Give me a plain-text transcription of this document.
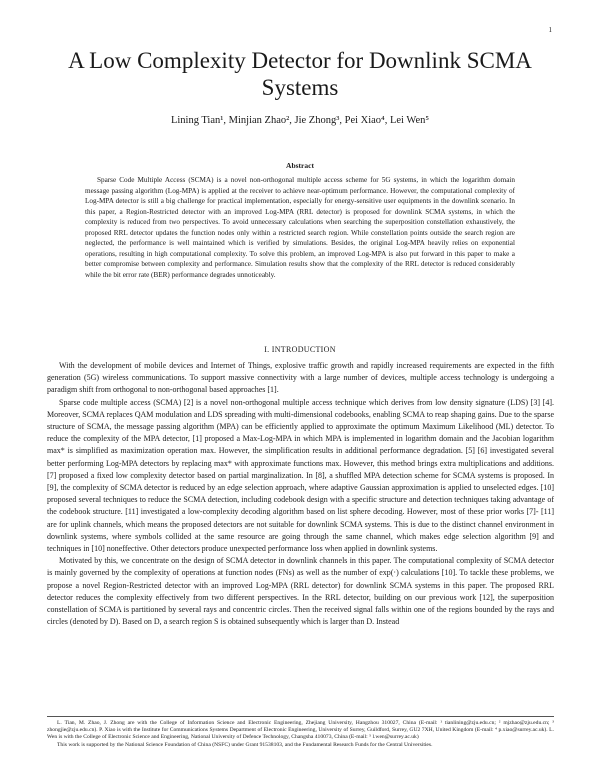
1
A Low Complexity Detector for Downlink SCMA Systems
Lining Tian¹, Minjian Zhao², Jie Zhong³, Pei Xiao⁴, Lei Wen⁵
Abstract

Sparse Code Multiple Access (SCMA) is a novel non-orthogonal multiple access scheme for 5G systems, in which the logarithm domain message passing algorithm (Log-MPA) is applied at the receiver to achieve near-optimum performance. However, the computational complexity of Log-MPA detector is still a big challenge for practical implementation, especially for energy-sensitive user equipments in the downlink scenario. In this paper, a Region-Restricted detector with an improved Log-MPA (RRL detector) is proposed for downlink SCMA systems, in which the complexity is reduced from two perspectives. To avoid unnecessary calculations when searching the superposition constellation exhaustively, the proposed RRL detector updates the function nodes only within a restricted search region. While constellation points outside the search region are neglected, the performance is well maintained which is verified by simulations. Besides, the original Log-MPA heavily relies on exponential operations, resulting in high computational complexity. To solve this problem, an improved Log-MPA is also put forward in this paper to make a better compromise between complexity and performance. Simulation results show that the complexity of the RRL detector is reduced considerably while the bit error rate (BER) performance degrades unnoticeably.

I. INTRODUCTION

With the development of mobile devices and Internet of Things, explosive traffic growth and rapidly increased requirements are expected in the fifth generation (5G) wireless communications. To support massive connectivity with a large number of devices, multiple access technology is undergoing a paradigm shift from orthogonal to non-orthogonal based approaches [1].

Sparse code multiple access (SCMA) [2] is a novel non-orthogonal multiple access technique which derives from low density signature (LDS) [3] [4]. Moreover, SCMA replaces QAM modulation and LDS spreading with multi-dimensional codebooks, enabling SCMA to reap shaping gains. Due to the sparse structure of SCMA, the message passing algorithm (MPA) can be efficiently applied to approximate the optimum Maximum Likelihood (ML) detector. To reduce the complexity of the MPA detector, [1] proposed a Max-Log-MPA in which MPA is implemented in logarithm domain and the Jacobian logarithm max* is simplified as maximization operation max. However, the simplification results in additional performance degradation. [5] [6] investigated several better performing Log-MPA detectors by replacing max* with approximate functions max. However, this method brings extra multiplications and additions. [7] proposed a fixed low complexity detector based on partial marginalization. In [8], a shuffled MPA detection scheme for SCMA systems is proposed. In [9], the complexity of SCMA detector is reduced by an edge selection approach, where adaptive Gaussian approximation is applied to unselected edges. [10] proposed several techniques to reduce the SCMA detection, including codebook design with a specific structure and detection techniques taking advantage of the codebook structure. [11] investigated a low-complexity decoding algorithm based on list sphere decoding. However, most of these prior works [7]- [11] are for uplink channels, which means the proposed detectors are not suitable for downlink SCMA systems. This is due to the distinct channel environment in downlink systems, where symbols collided at the same resource are going through the same channel, which makes edge selection algorithm [9] and techniques in [10] noneffective. Other detectors produce unexpected performance loss when applied in downlink systems.

Motivated by this, we concentrate on the design of SCMA detector in downlink channels in this paper. The computational complexity of SCMA detector is mainly governed by the complexity of operations at function nodes (FNs) as well as the number of exp(·) calculations [10]. To tackle these problems, we propose a novel Region-Restricted detector with an improved Log-MPA (RRL detector) for downlink SCMA systems in this paper. The proposed RRL detector reduces the complexity effectively from two different perspectives. In the RRL detector, building on our previous work [12], the superposition constellation of SCMA is partitioned by several rays and concentric circles. Then the received signal falls within one of the regions bounded by the rays and circles (denoted by D). Based on D, a search region S is obtained subsequently which is larger than D. Instead

L. Tian, M. Zhao, J. Zhong are with the College of Information Science and Electronic Engineering, Zhejiang University, Hangzhou 310027, China (E-mail: ¹ tianlining@zju.edu.cn; ² mjzhao@zju.edu.cn; ³ zhongjie@zju.edu.cn). P. Xiao is with the Institute for Communications Systems Department of Electronic Engineering, University of Surrey, Guildford, Surrey, GU2 7XH, United Kingdom (E-mail: ⁴ p.xiao@surrey.ac.uk). L. Wen is with the College of Electronic Science and Engineering, National University of Defence Technology, Changsha 410073, China (E-mail: ⁵ l.wen@surrey.ac.uk)

This work is supported by the National Science Foundation of China (NSFC) under Grant 91538103, and the Fundamental Research Funds for the Central Universities.
